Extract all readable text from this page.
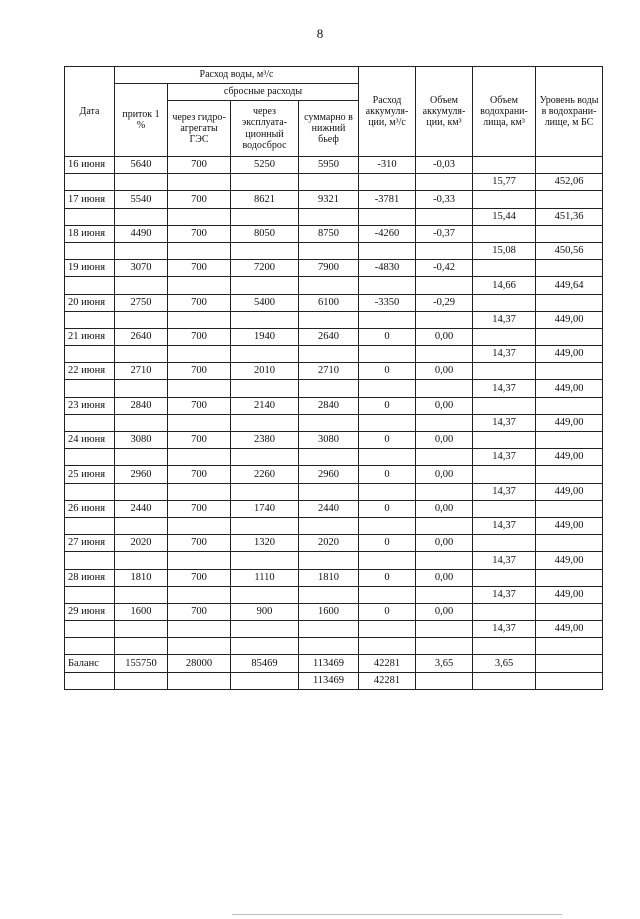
8
Дата	Расход воды, м³/с				Расход аккумуля-ции, м³/с	Объем аккумуля-ции, км³	Объем водохрани-лища, км³	Уровень воды в водохрани-лище, м БС
	приток 1 %	сбросные расходы						
		через гидро-агрегаты ГЭС	через эксплуата-ционный водосброс	суммарно в нижний бьеф				
16 июня	5640	700	5250	5950	-310	-0,03		
							15,77	452,06
17 июня	5540	700	8621	9321	-3781	-0,33		
							15,44	451,36
18 июня	4490	700	8050	8750	-4260	-0,37		
							15,08	450,56
19 июня	3070	700	7200	7900	-4830	-0,42		
							14,66	449,64
20 июня	2750	700	5400	6100	-3350	-0,29		
							14,37	449,00
21 июня	2640	700	1940	2640	0	0,00		
							14,37	449,00
22 июня	2710	700	2010	2710	0	0,00		
							14,37	449,00
23 июня	2840	700	2140	2840	0	0,00		
							14,37	449,00
24 июня	3080	700	2380	3080	0	0,00		
							14,37	449,00
25 июня	2960	700	2260	2960	0	0,00		
							14,37	449,00
26 июня	2440	700	1740	2440	0	0,00		
							14,37	449,00
27 июня	2020	700	1320	2020	0	0,00		
							14,37	449,00
28 июня	1810	700	1110	1810	0	0,00		
							14,37	449,00
29 июня	1600	700	900	1600	0	0,00		
							14,37	449,00

Баланс	155750	28000	85469	113469	42281	3,65	3,65	
				113469	42281			
